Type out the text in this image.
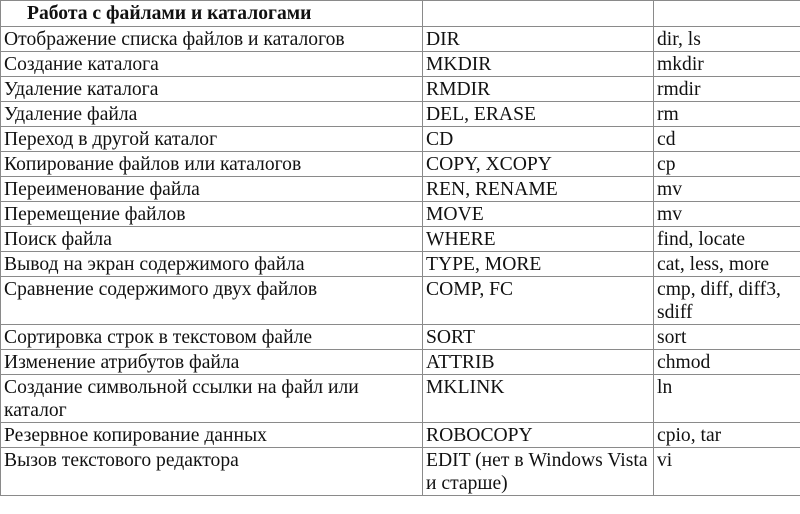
Работа с файлами и каталогами		
Отображение списка файлов и каталогов	DIR	dir, ls
Создание каталога	MKDIR	mkdir
Удаление каталога	RMDIR	rmdir
Удаление файла	DEL, ERASE	rm
Переход в другой каталог	CD	cd
Копирование файлов или каталогов	COPY, XCOPY	cp
Переименование файла	REN, RENAME	mv
Перемещение файлов	MOVE	mv
Поиск файла	WHERE	find, locate
Вывод на экран содержимого файла	TYPE, MORE	cat, less, more
Сравнение содержимого двух файлов	COMP, FC	cmp, diff, diff3, sdiff
Сортировка строк в текстовом файле	SORT	sort
Изменение атрибутов файла	ATTRIB	chmod
Создание символьной ссылки на файл или каталог	MKLINK	ln
Резервное копирование данных	ROBOCOPY	cpio, tar
Вызов текстового редактора	EDIT (нет в Windows Vista и старше)	vi
